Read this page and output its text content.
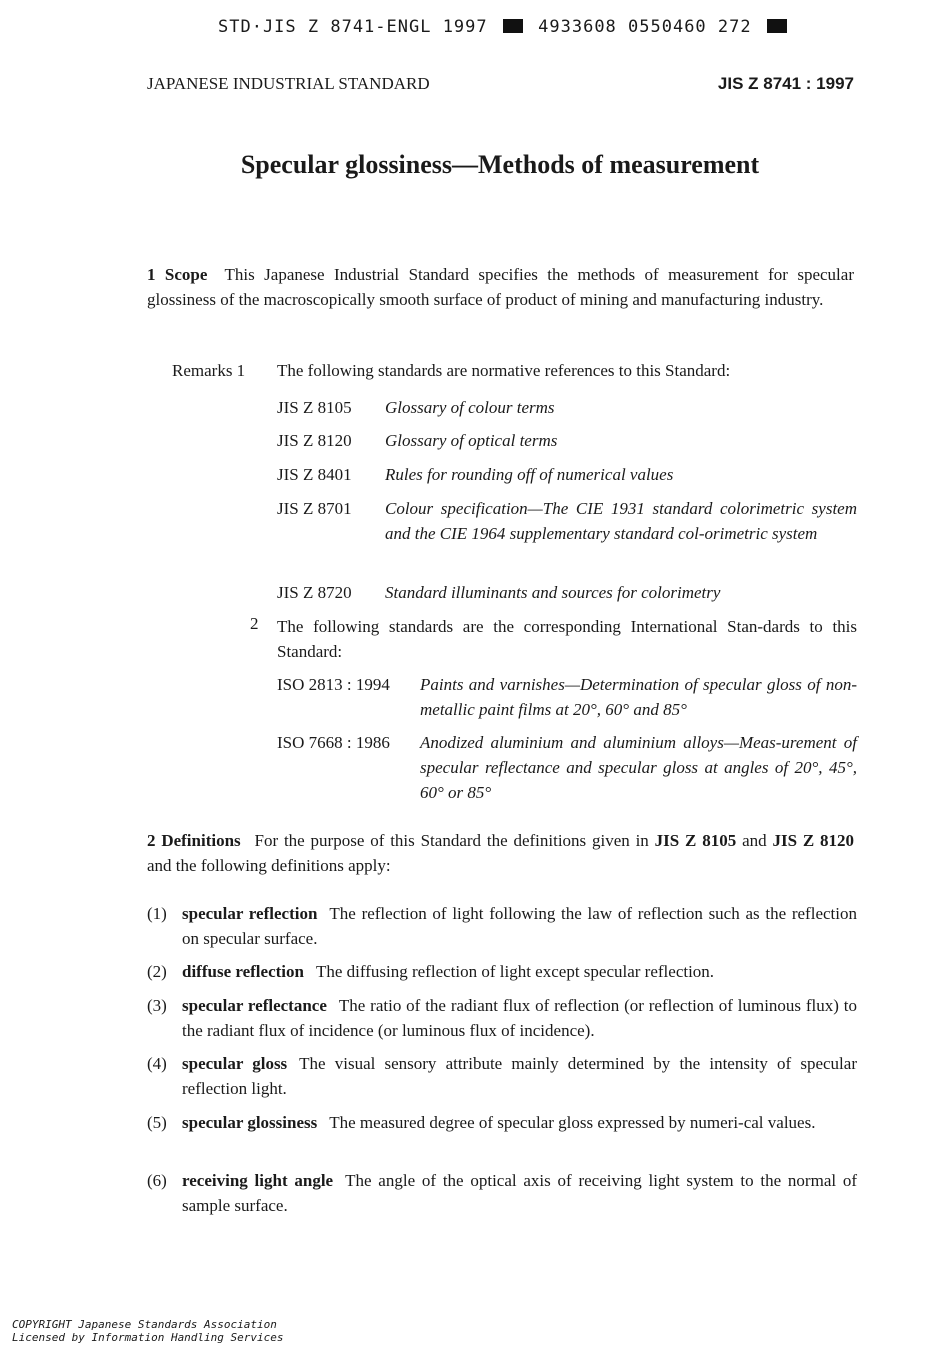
STD·JIS Z 8741-ENGL 1997	4933608 0550460 272
JAPANESE INDUSTRIAL STANDARD	JIS Z 8741 : 1997
Specular glossiness—Methods of measurement
1 Scope This Japanese Industrial Standard specifies the methods of measurement for specular glossiness of the macroscopically smooth surface of product of mining and manufacturing industry.
Remarks 1 The following standards are normative references to this Standard:
JIS Z 8105 Glossary of colour terms
JIS Z 8120 Glossary of optical terms
JIS Z 8401 Rules for rounding off of numerical values
JIS Z 8701 Colour specification—The CIE 1931 standard colorimetric system and the CIE 1964 supplementary standard col-orimetric system
JIS Z 8720 Standard illuminants and sources for colorimetry
2 The following standards are the corresponding International Stan-dards to this Standard:
ISO 2813 : 1994 Paints and varnishes—Determination of specular gloss of non-metallic paint films at 20°, 60° and 85°
ISO 7668 : 1986 Anodized aluminium and aluminium alloys—Meas-urement of specular reflectance and specular gloss at angles of 20°, 45°, 60° or 85°
2 Definitions For the purpose of this Standard the definitions given in JIS Z 8105 and JIS Z 8120 and the following definitions apply:
(1) specular reflection The reflection of light following the law of reflection such as the reflection on specular surface.
(2) diffuse reflection The diffusing reflection of light except specular reflection.
(3) specular reflectance The ratio of the radiant flux of reflection (or reflection of luminous flux) to the radiant flux of incidence (or luminous flux of incidence).
(4) specular gloss The visual sensory attribute mainly determined by the intensity of specular reflection light.
(5) specular glossiness The measured degree of specular gloss expressed by numeri-cal values.
(6) receiving light angle The angle of the optical axis of receiving light system to the normal of sample surface.
COPYRIGHT Japanese Standards Association
Licensed by Information Handling Services
